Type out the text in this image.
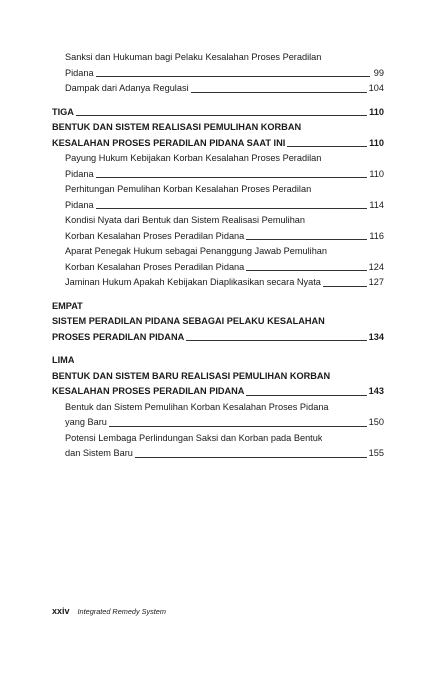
Sanksi dan Hukuman bagi Pelaku Kesalahan Proses Peradilan
Pidana	99
Dampak dari Adanya Regulasi	104
TIGA	110
BENTUK DAN SISTEM REALISASI PEMULIHAN KORBAN
KESALAHAN PROSES PERADILAN PIDANA SAAT INI	110
Payung Hukum Kebijakan Korban Kesalahan Proses Peradilan
Pidana	110
Perhitungan Pemulihan Korban Kesalahan Proses Peradilan
Pidana	114
Kondisi Nyata dari Bentuk dan Sistem Realisasi Pemulihan
Korban Kesalahan Proses Peradilan Pidana	116
Aparat Penegak Hukum sebagai Penanggung Jawab Pemulihan
Korban Kesalahan Proses Peradilan Pidana	124
Jaminan Hukum Apakah Kebijakan Diaplikasikan secara Nyata	127
EMPAT
SISTEM PERADILAN PIDANA SEBAGAI PELAKU KESALAHAN
PROSES PERADILAN PIDANA	134
LIMA
BENTUK DAN SISTEM BARU REALISASI PEMULIHAN KORBAN
KESALAHAN PROSES PERADILAN PIDANA	143
Bentuk dan Sistem Pemulihan Korban Kesalahan Proses Pidana
yang Baru	150
Potensi Lembaga Perlindungan Saksi dan Korban pada Bentuk
dan Sistem Baru	155
xxiv Integrated Remedy System
